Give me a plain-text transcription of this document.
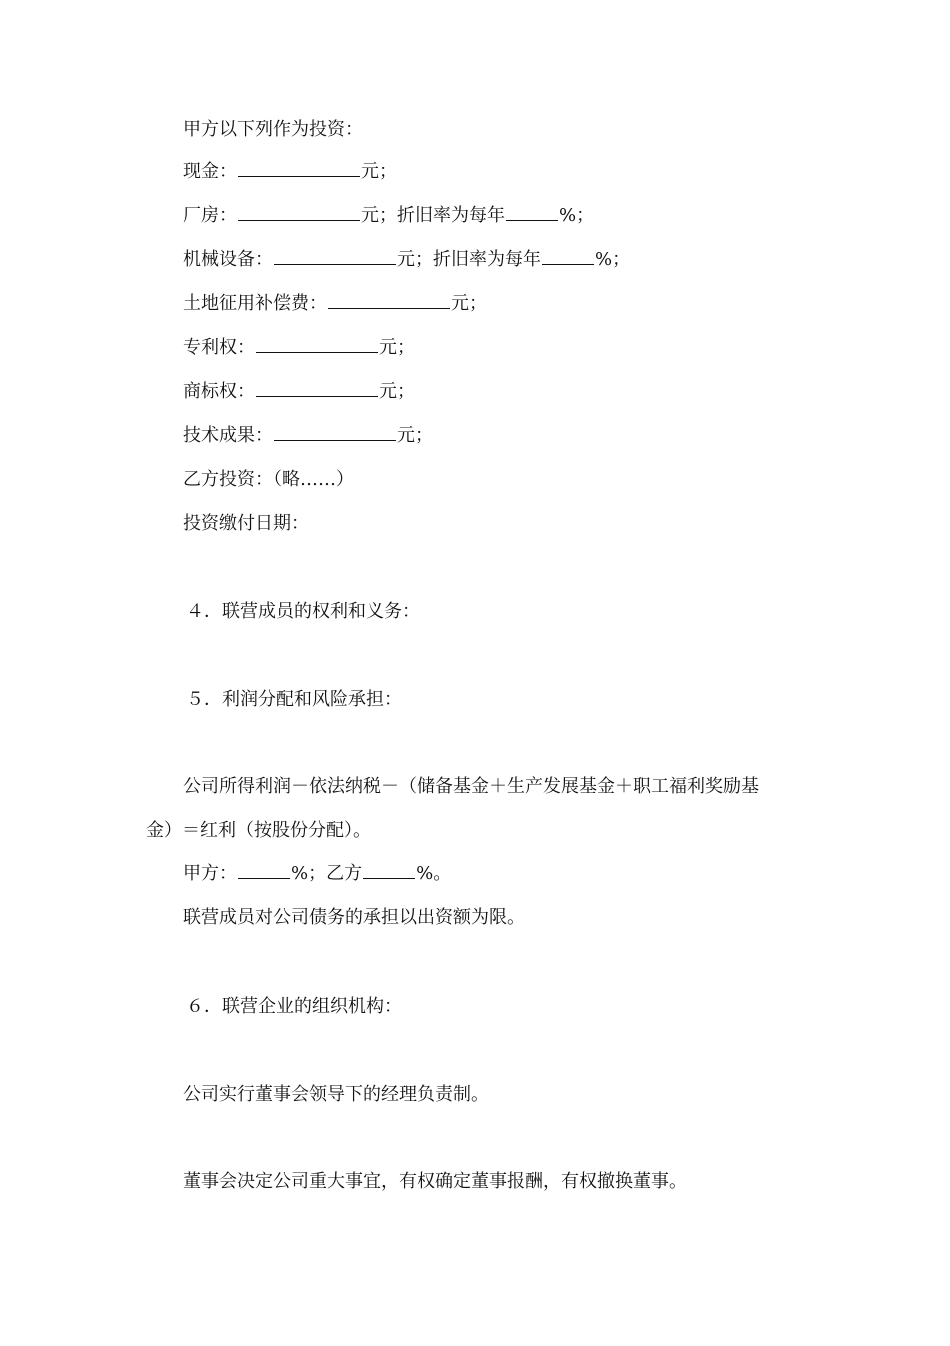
甲方以下列作为投资：
现金：	元；
厂房：	元；折旧率为每年	%；
机械设备：	元；折旧率为每年	%；
土地征用补偿费：	元；
专利权：	元；
商标权：	元；
技术成果：	元；
乙方投资：（略……）
投资缴付日期：
４．联营成员的权利和义务：
５．利润分配和风险承担：
公司所得利润－依法纳税－（储备基金＋生产发展基金＋职工福利奖励基
金）＝红利（按股份分配）。
甲方：	%；乙方	%。
联营成员对公司债务的承担以出资额为限。
６．联营企业的组织机构：
公司实行董事会领导下的经理负责制。
董事会决定公司重大事宜，有权确定董事报酬，有权撤换董事。
